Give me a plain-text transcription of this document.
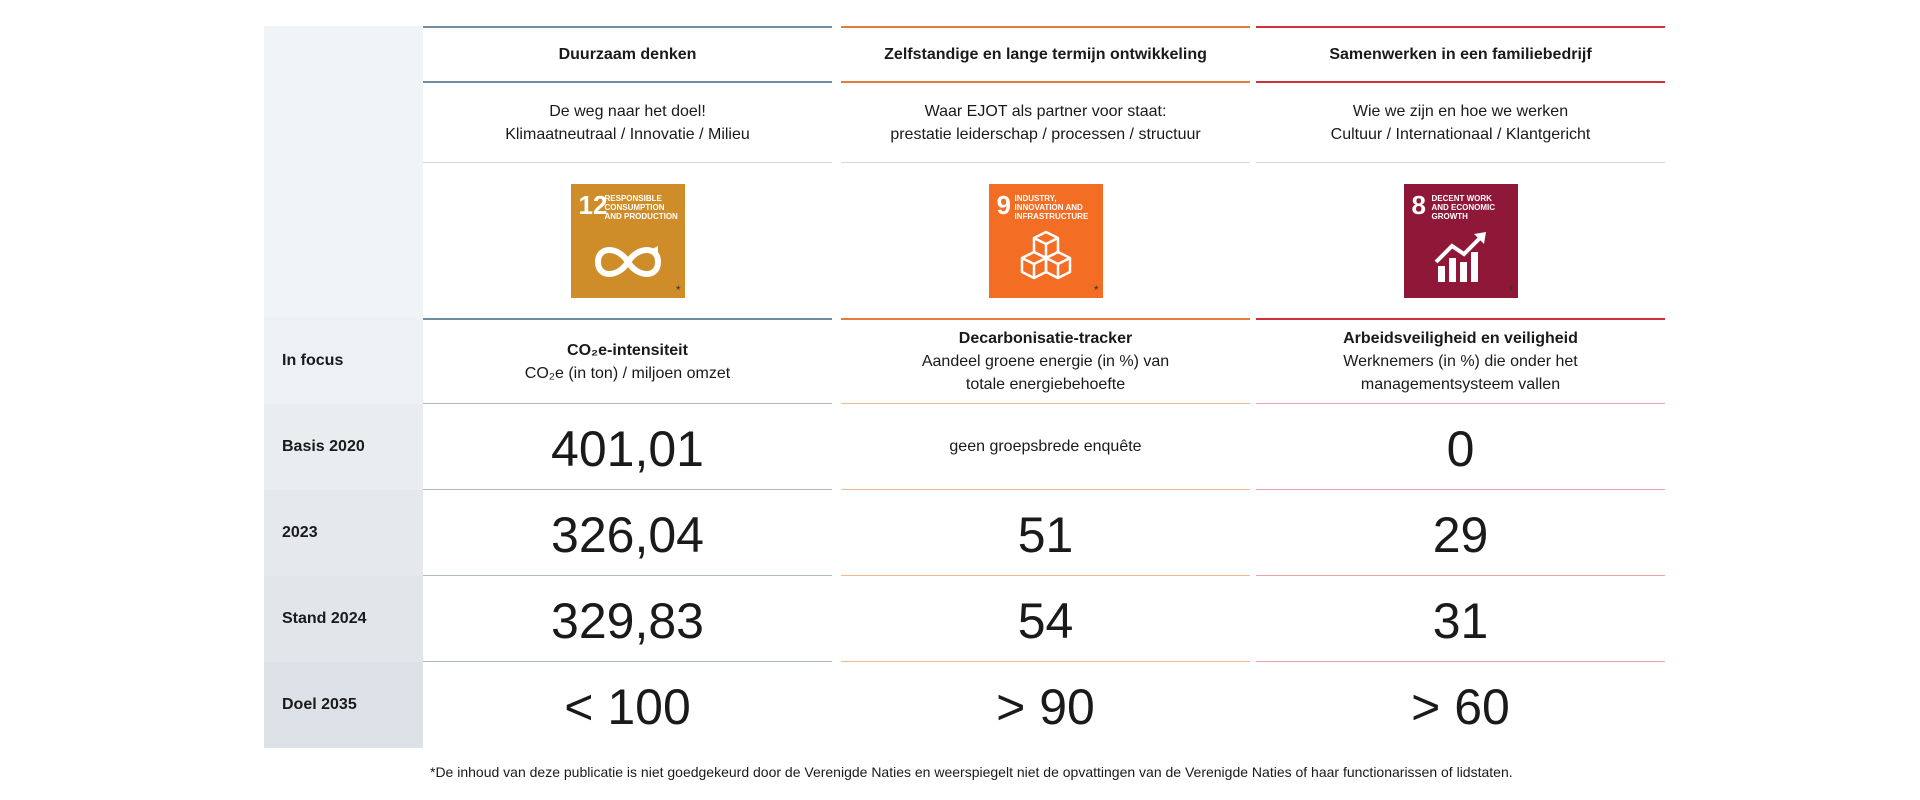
In focus
Basis 2020
2023
Stand 2024
Doel 2035
Duurzaam denken
De weg naar het doel!
Klimaatneutraal / Innovatie / Milieu
12
RESPONSIBLE CONSUMPTION AND PRODUCTION
*
CO₂e-intensiteit
CO₂e (in ton) / miljoen omzet
401,01
326,04
329,83
< 100
Zelfstandige en lange termijn ontwikkeling
Waar EJOT als partner voor staat:
prestatie leiderschap / processen / structuur
9 INDUSTRY, INNOVATION AND INFRASTRUCTURE
*
Decarbonisatie-tracker
Aandeel groene energie (in %) van
totale energiebehoefte
geen groepsbrede enquête
51
54
> 90
Samenwerken in een familiebedrijf
Wie we zijn en hoe we werken
Cultuur / Internationaal / Klantgericht
8 DECENT WORK AND ECONOMIC GROWTH
*
Arbeidsveiligheid en veiligheid
Werknemers (in %) die onder het
managementsysteem vallen
0
29
31
> 60
*De inhoud van deze publicatie is niet goedgekeurd door de Verenigde Naties en weerspiegelt niet de opvattingen van de Verenigde Naties of haar functionarissen of lidstaten.
